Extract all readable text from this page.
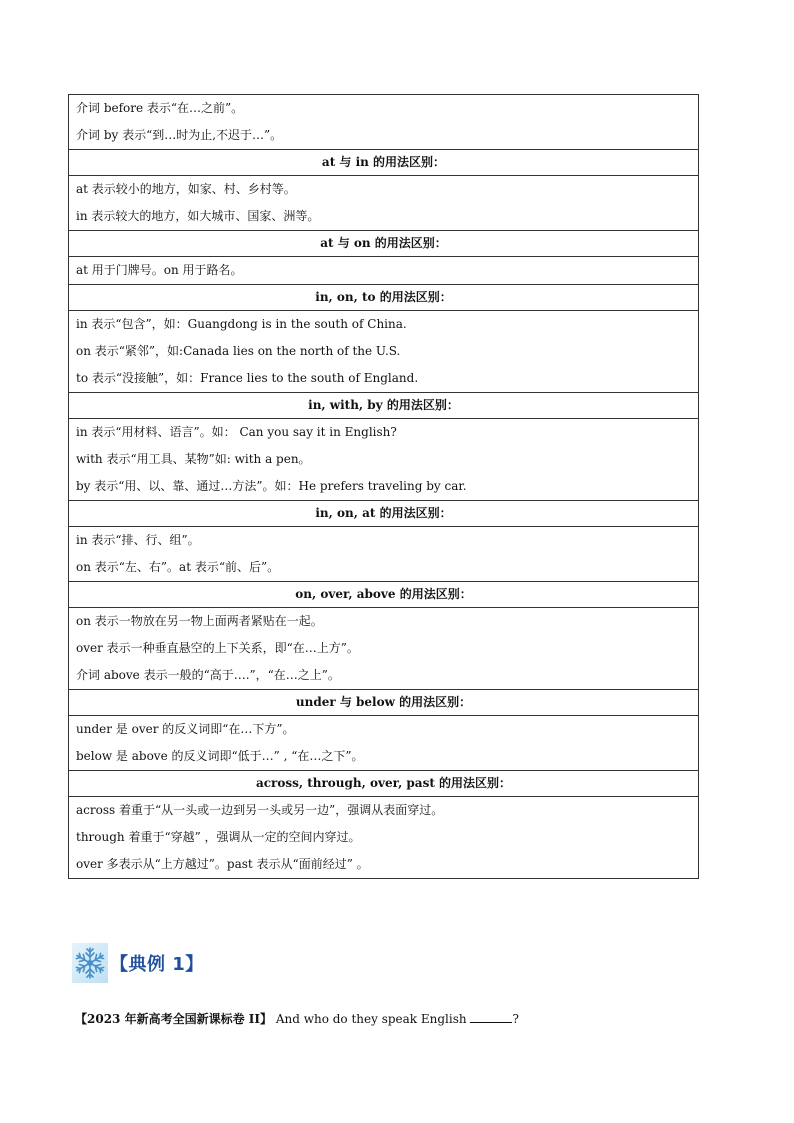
介词 before 表示“在…之前”。
介词 by 表示“到…时为止,不迟于…”。

at 与 in 的用法区别：

at 表示较小的地方，如家、村、乡村等。
in 表示较大的地方，如大城市、国家、洲等。

at 与 on 的用法区别：

at 用于门牌号。on 用于路名。

in, on, to 的用法区别：

in 表示“包含”，如：Guangdong is in the south of China.
on 表示“紧邻”，如:Canada lies on the north of the U.S.
to 表示“没接触”，如：France lies to the south of England.

in, with, by 的用法区别：

in 表示“用材料、语言”。如： Can you say it in English?
with 表示“用工具、某物”如: with a pen。
by 表示“用、以、靠、通过…方法”。如：He prefers traveling by car.

in, on, at 的用法区别：

in 表示“排、行、组”。
on 表示“左、右”。at 表示“前、后”。

on, over, above 的用法区别：

on 表示一物放在另一物上面两者紧贴在一起。
over 表示一种垂直悬空的上下关系，即“在…上方”。
介词 above 表示一般的“高于….”，“在…之上”。

under 与 below 的用法区别：

under 是 over 的反义词即“在…下方”。
below 是 above 的反义词即“低于…” , “在…之下”。

across, through, over, past 的用法区别：

across 着重于“从一头或一边到另一头或另一边”，强调从表面穿过。
through 着重于“穿越” ，强调从一定的空间内穿过。
over 多表示从“上方越过”。past 表示从“面前经过” 。
【典例 1】
【2023 年新高考全国新课标卷 II】 And who do they speak English	?
